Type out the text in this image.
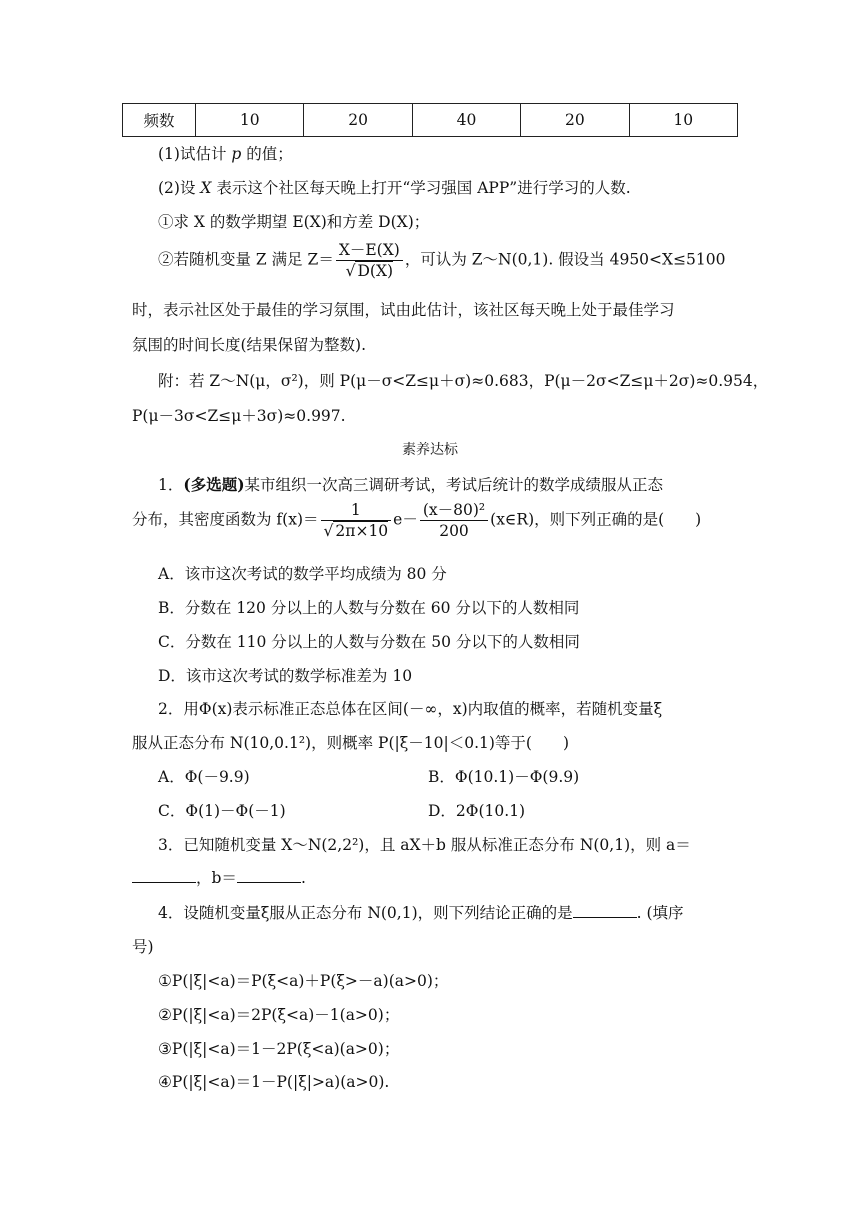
频数	10	20	40	20	10
(1)试估计 p 的值；
(2)设 X 表示这个社区每天晚上打开“学习强国 APP”进行学习的人数.
①求 X 的数学期望 E(X)和方差 D(X)；
②若随机变量 Z 满足 $Z= \frac{X-E(X)}{√ D(X)}$ ，可认为 Z～N(0,1). 假设当 4950<X≤5100
时，表示社区处于最佳的学习氛围，试由此估计，该社区每天晚上处于最佳学习
氛围的时间长度(结果保留为整数).
附：若 Z～N(μ，σ²)，则 P(μ－σ<Z≤μ＋σ)≈0.683，P(μ－2σ<Z≤μ＋2σ)≈0.954，
P(μ－3σ<Z≤μ＋3σ)≈0.997.
素养达标
1．(多选题)某市组织一次高三调研考试，考试后统计的数学成绩服从正态
分布，其密度函数为 $f(x)= \frac{1}{√ 2\pi\times 10} e- \frac{\text{(x－80)²}}{200}$ (x∈R)，则下列正确的是(　　)
A．该市这次考试的数学平均成绩为 80 分
B．分数在 120 分以上的人数与分数在 60 分以下的人数相同
C．分数在 110 分以上的人数与分数在 50 分以下的人数相同
D．该市这次考试的数学标准差为 10
2．用Φ(x)表示标准正态总体在区间(－∞，x)内取值的概率，若随机变量ξ
服从正态分布 N(10,0.1²)，则概率 P(|ξ－10|＜0.1)等于(　　)
A．Φ(－9.9)	B．Φ(10.1)－Φ(9.9)
C．Φ(1)－Φ(－1)	D．2Φ(10.1)
3．已知随机变量 X～N(2,2²)，且 aX＋b 服从标准正态分布 N(0,1)，则 a＝
，b＝	.
4．设随机变量ξ服从正态分布 N(0,1)，则下列结论正确的是	. (填序
号)
①P(|ξ|<a)＝P(ξ<a)＋P(ξ>－a)(a>0)；
②P(|ξ|<a)＝2P(ξ<a)－1(a>0)；
③P(|ξ|<a)＝1－2P(ξ<a)(a>0)；
④P(|ξ|<a)＝1－P(|ξ|>a)(a>0).
